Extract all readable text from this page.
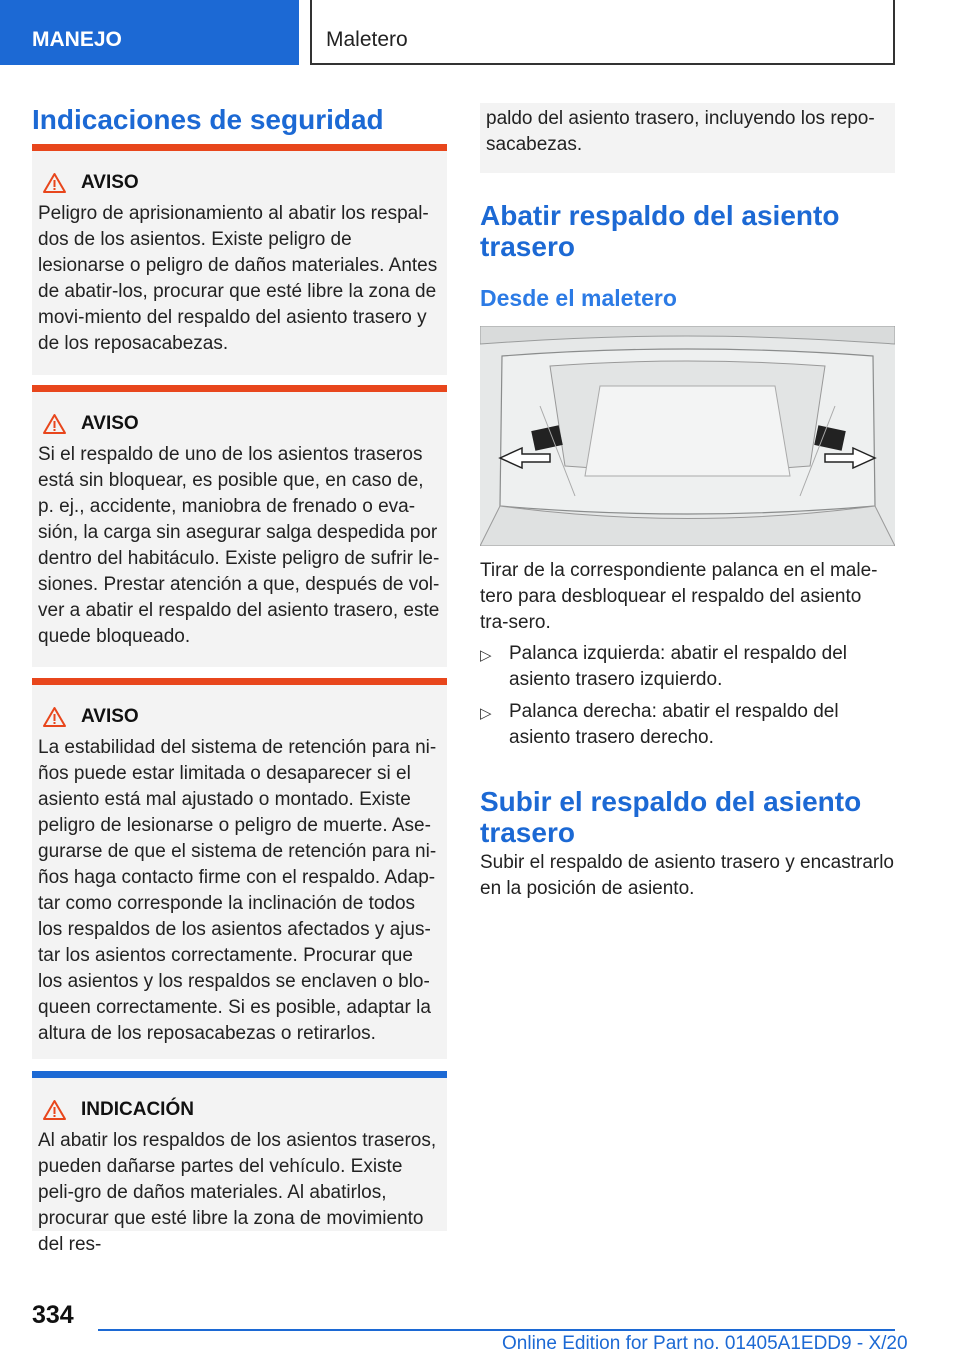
MANEJO	Maletero
Indicaciones de seguridad
AVISO
Peligro de aprisionamiento al abatir los respal-dos de los asientos. Existe peligro de lesionarse o peligro de daños materiales. Antes de abatir-los, procurar que esté libre la zona de movi-miento del respaldo del asiento trasero y de los reposacabezas.
AVISO
Si el respaldo de uno de los asientos traseros está sin bloquear, es posible que, en caso de, p. ej., accidente, maniobra de frenado o eva-sión, la carga sin asegurar salga despedida por dentro del habitáculo. Existe peligro de sufrir le-siones. Prestar atención a que, después de vol-ver a abatir el respaldo del asiento trasero, este quede bloqueado.
AVISO
La estabilidad del sistema de retención para ni-ños puede estar limitada o desaparecer si el asiento está mal ajustado o montado. Existe peligro de lesionarse o peligro de muerte. Ase-gurarse de que el sistema de retención para ni-ños haga contacto firme con el respaldo. Adap-tar como corresponde la inclinación de todos los respaldos de los asientos afectados y ajus-tar los asientos correctamente. Procurar que los asientos y los respaldos se enclaven o blo-queen correctamente. Si es posible, adaptar la altura de los reposacabezas o retirarlos.
INDICACIÓN
Al abatir los respaldos de los asientos traseros, pueden dañarse partes del vehículo. Existe peli-gro de daños materiales. Al abatirlos, procurar que esté libre la zona de movimiento del res-
paldo del asiento trasero, incluyendo los repo-sacabezas.
Abatir respaldo del asiento trasero
Desde el maletero
Tirar de la correspondiente palanca en el male-tero para desbloquear el respaldo del asiento tra-sero.
▷ Palanca izquierda: abatir el respaldo del asiento trasero izquierdo.
▷ Palanca derecha: abatir el respaldo del asiento trasero derecho.
Subir el respaldo del asiento trasero
Subir el respaldo de asiento trasero y encastrarlo en la posición de asiento.
334
Online Edition for Part no. 01405A1EDD9 - X/20
